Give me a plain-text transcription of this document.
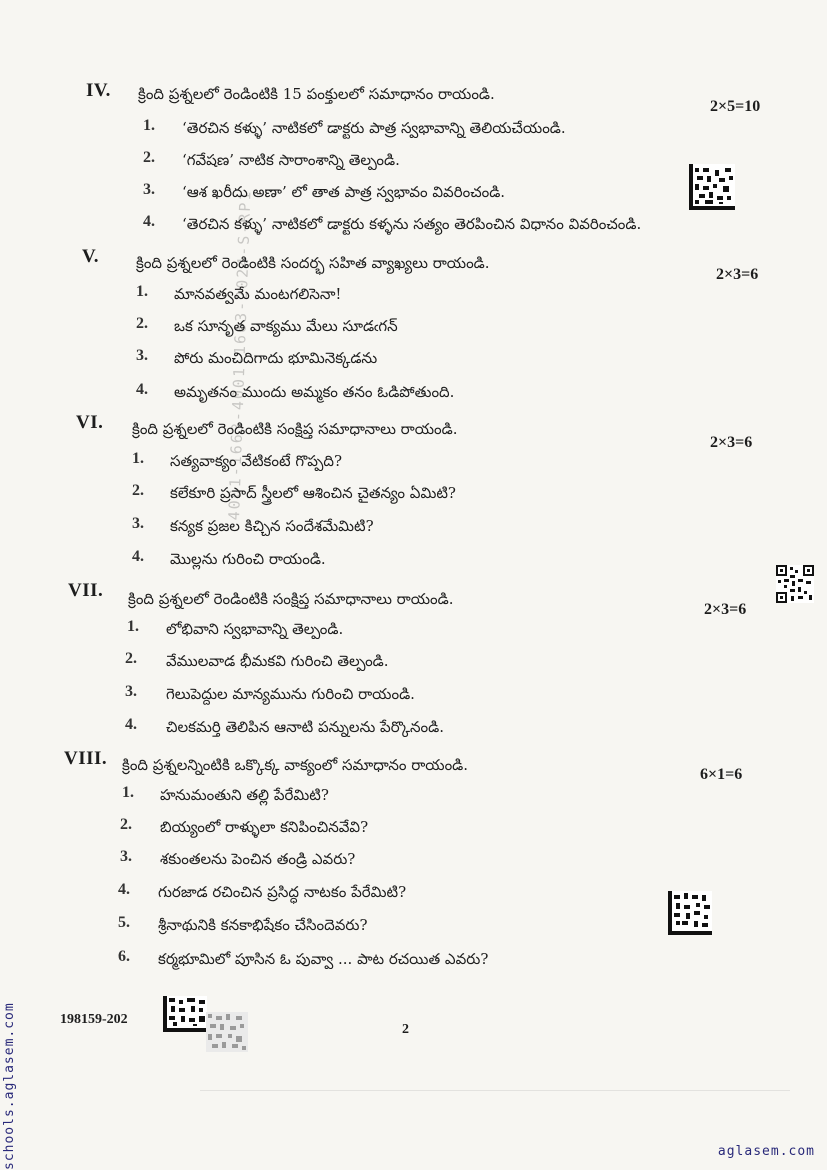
4001-1663-4001-1663-2024-S-RP1
IV. క్రింది ప్రశ్నలలో రెండింటికి 15 పంక్తులలో సమాధానం రాయండి.
2×5=10
1. ‘తెరచిన కళ్ళు’ నాటికలో డాక్టరు పాత్ర స్వభావాన్ని తెలియచేయండి.
2. ‘గవేషణ’ నాటిక సారాంశాన్ని తెల్పండి.
3. ‘ఆశ ఖరీదు అణా’ లో తాత పాత్ర స్వభావం వివరించండి.
4. ‘తెరచిన కళ్ళు’ నాటికలో డాక్టరు కళ్ళను సత్యం తెరపించిన విధానం వివరించండి.
V. క్రింది ప్రశ్నలలో రెండింటికి సందర్భ సహిత వ్యాఖ్యలు రాయండి.
2×3=6
1. మానవత్వమే మంటగలిసెనా!
2. ఒక సూనృత వాక్యము మేలు సూడఁగన్
3. పోరు మంచిదిగాదు భూమినెక్కడను
4. అమృతనం ముందు అమ్మకం తనం ఓడిపోతుంది.
VI. క్రింది ప్రశ్నలలో రెండింటికి సంక్షిప్త సమాధానాలు రాయండి.
2×3=6
1. సత్యవాక్యం వేటికంటే గొప్పది?
2. కలేకూరి ప్రసాద్ స్త్రీలలో ఆశించిన చైతన్యం ఏమిటి?
3. కన్యక ప్రజల కిచ్చిన సందేశమేమిటి?
4. మొల్లను గురించి రాయండి.
VII. క్రింది ప్రశ్నలలో రెండింటికి సంక్షిప్త సమాధానాలు రాయండి.
2×3=6
1. లోభివాని స్వభావాన్ని తెల్పండి.
2. వేములవాడ భీమకవి గురించి తెల్పండి.
3. గెలుపెద్దుల మాన్యమును గురించి రాయండి.
4. చిలకమర్తి తెలిపిన ఆనాటి పన్నులను పేర్కొనండి.
VIII. క్రింది ప్రశ్నలన్నింటికి ఒక్కొక్క వాక్యంలో సమాధానం రాయండి.
6×1=6
1. హనుమంతుని తల్లి పేరేమిటి?
2. బియ్యంలో రాళ్ళులా కనిపించినవేవి?
3. శకుంతలను పెంచిన తండ్రి ఎవరు?
4. గురజాడ రచించిన ప్రసిద్ధ నాటకం పేరేమిటి?
5. శ్రీనాథునికి కనకాభిషేకం చేసిందెవరు?
6. కర్మభూమిలో పూసిన ఓ పువ్వా ... పాట రచయిత ఎవరు?
198159-202
2
schools.aglasem.com	aglasem.com
